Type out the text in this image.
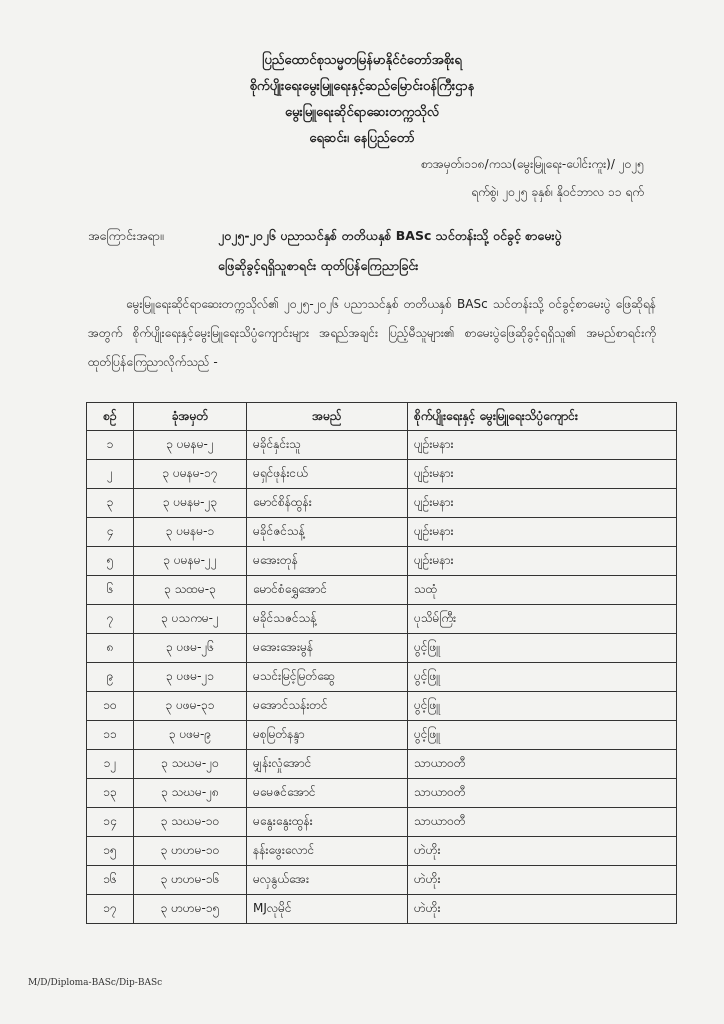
ပြည်ထောင်စုသမ္မတမြန်မာနိုင်ငံတော်အစိုးရ
စိုက်ပျိုးရေးမွေးမြူရေးနှင့်ဆည်မြောင်းဝန်ကြီးဌာန
မွေးမြူရေးဆိုင်ရာဆေးတက္ကသိုလ်
ရေဆင်း၊ နေပြည်တော်
စာအမှတ်၊၁၁၈/ကသ(မွေးမြူရေး-ပေါင်းကူး)/ ၂၀၂၅
ရက်စွဲ၊ ၂၀၂၅ ခုနှစ်၊ နိုဝင်ဘာလ ၁၁ ရက်
အကြောင်းအရာ။	၂၀၂၅-၂၀၂၆ ပညာသင်နှစ် တတိယနှစ် BASc သင်တန်းသို့ ဝင်ခွင့် စာမေးပွဲ
ဖြေဆိုခွင့်ရရှိသူစာရင်း ထုတ်ပြန်ကြေညာခြင်း
မွေးမြူရေးဆိုင်ရာဆေးတက္ကသိုလ်၏ ၂၀၂၅-၂၀၂၆ ပညာသင်နှစ် တတိယနှစ် BASc သင်တန်းသို့ ဝင်ခွင့်စာမေးပွဲ ဖြေဆိုရန်အတွက် စိုက်ပျိုးရေးနှင့်မွေးမြူရေးသိပ္ပံကျောင်းများ အရည်အချင်း ပြည့်မီသူများ၏ စာမေးပွဲဖြေဆိုခွင့်ရရှိသူ၏ အမည်စာရင်းကို ထုတ်ပြန်ကြေညာလိုက်သည် -
စဉ်	ခုံအမှတ်	အမည်	စိုက်ပျိုးရေးနှင့် မွေးမြူရေးသိပ္ပံကျောင်း
၁	၃ ပမနမ-၂	မခိုင်နှင်းသူ	ပျဉ်းမနား
၂	၃ ပမနမ-၁၇	မရှင်ဖုန်းငယ်	ပျဉ်းမနား
၃	၃ ပမနမ-၂၃	မောင်စိန်ထွန်း	ပျဉ်းမနား
၄	၃ ပမနမ-၁	မခိုင်ဇင်သန့်	ပျဉ်းမနား
၅	၃ ပမနမ-၂၂	မအေးတုန်	ပျဉ်းမနား
၆	၃ သထမ-၃	မောင်စံရွှေအောင်	သထုံ
၇	၃ ပသကမ-၂	မခိုင်သဇင်သန့်	ပုသိမ်ကြီး
၈	၃ ပဖမ-၂၆	မအေးအေးမွန်	ပွင့်ဖြူ
၉	၃ ပဖမ-၂၁	မသင်းမြင့်မြတ်ဆွေ	ပွင့်ဖြူ
၁၀	၃ ပဖမ-၃၁	မအောင်သန်းတင်	ပွင့်ဖြူ
၁၁	၃ ပဖမ-၉	မစုမြတ်နန္ဒာ	ပွင့်ဖြူ
၁၂	၃ သဃမ-၂၀	မျှန်းလှုံအောင်	သာယာဝတီ
၁၃	၃ သဃမ-၂၈	မမေဇင်အောင်	သာယာဝတီ
၁၄	၃ သဃမ-၁၀	မနွေးနွေးထွန်း	သာယာဝတီ
၁၅	၃ ဟဟမ-၁၀	နန်းဖွေးလောင်	ဟဲဟိုး
၁၆	၃ ဟဟမ-၁၆	မလှနွယ်အေး	ဟဲဟိုး
၁၇	၃ ဟဟမ-၁၅	MJလုမိုင်	ဟဲဟိုး
M/D/Diploma-BASc/Dip-BASc
